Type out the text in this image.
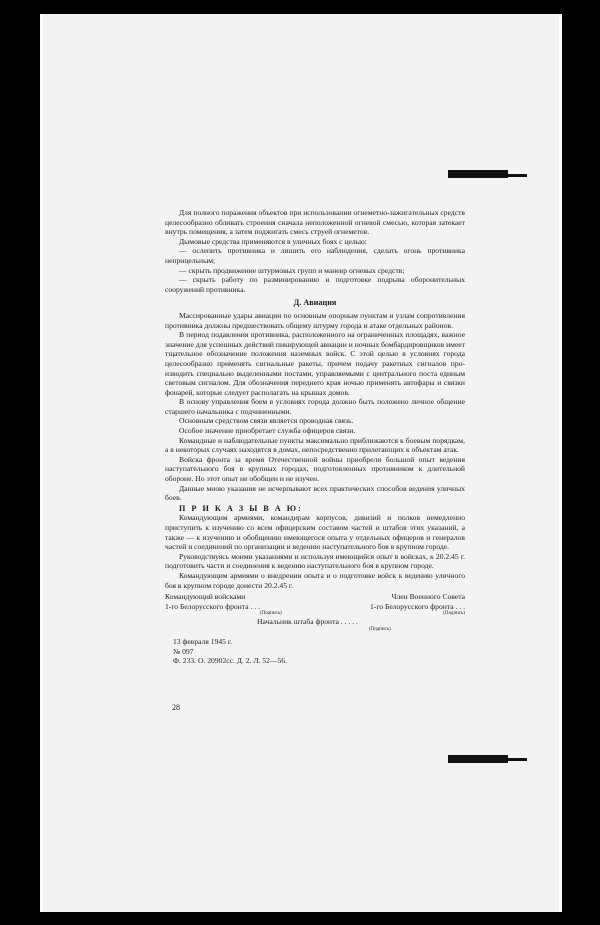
Для полного поражения объектов при использовании огнеметно-зажигательных средств целесообразно обливать строения сначала неположенной огневой смесью, которая затекает внутрь помещения, а затем поджигать смесь струей огнеметов.

Дымовые средства применяются в уличных боях с целью:

— ослепить противника и лишить его наблюдения, сделать огонь противника неприцельным;

— скрыть продвижение штурмовых групп и маневр огневых средств;

— скрыть работу по разминированию и подготовке подрыва оборонительных сооружений противника.

Д. Авиация

Массированные удары авиации по основным опорным пунктам и узлам сопротивления противника должны предшествовать общему штурму города и атаке отдельных районов.

В период подавления противника, расположенного на ограниченных площадях, важное значение для успешных действий пикирующей авиации и ночных бомбардировщиков имеет тщательное обозначение положения наземных войск. С этой целью в условиях города целесообразно применять сигнальные ракеты, причем подачу ракетных сигналов производить специально выделенными постами, управляемыми с центрального поста единым световым сигналом. Для обозначения переднего края ночью применять автофары и связки фонарей, которые следует располагать на крышах домов.

В основу управления боем в условиях города должно быть положено личное общение старшего начальника с подчиненными.

Основным средством связи является проводная связь.

Особое значение приобретает служба офицеров связи.

Командные и наблюдательные пункты максимально приближаются к боевым порядкам, а в некоторых случаях находятся в домах, непосредственно прилегающих к объектам атак.

Войска фронта за время Отечественной войны приобрели большой опыт ведения наступательного боя в крупных городах, подготовленных противником к длительной обороне. Но этот опыт не обобщен и не изучен.

Данные мною указания не исчерпывают всех практических способов ведения уличных боев.

П Р И К А З Ы В А Ю:

Командующим армиями, командирам корпусов, дивизий и полков немедленно приступить к изучению со всем офицерским составом частей и штабов этих указаний, а также — к изучению и обобщению имеющегося опыта у отдельных офицеров и генералов частей и соединений по организации и ведению наступательного боя в крупном городе.

Руководствуясь моими указаниями и используя имеющийся опыт в войсках, к 20.2.45 г. подготовить части и соединения к ведению наступательного боя в крупном городе.

Командующим армиями о внедрении опыта и о подготовке войск к ведению уличного боя в крупном городе донести 20.2.45 г.

Командующий войсками
1-го Белорусского фронта . . .
(Подпись)
Член Военного Совета
1-го Белорусского фронта . . .
(Подпись)
Начальник штаба фронта . . . . .
(Подпись)
13 февраля 1945 г.
№ 097
Ф. 233. О. 20902сс. Д. 2. Л. 52—56.
28
